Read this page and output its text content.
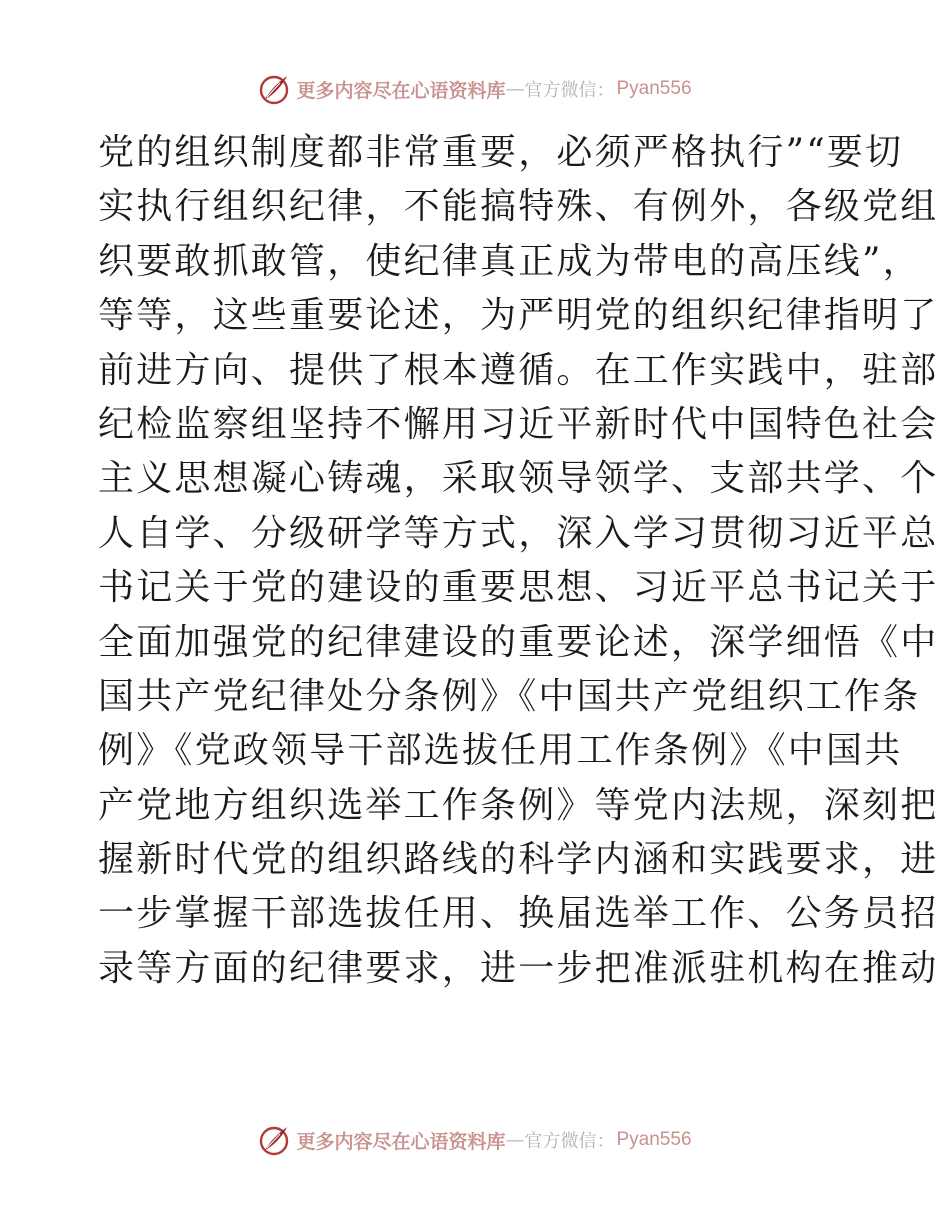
更多内容尽在心语资料库 — 官方微信： Pyan556
党的组织制度都非常重要，必须严格执行”“要切
实执行组织纪律，不能搞特殊、有例外，各级党组
织要敢抓敢管，使纪律真正成为带电的高压线”，
等等，这些重要论述，为严明党的组织纪律指明了
前进方向、提供了根本遵循。在工作实践中，驻部
纪检监察组坚持不懈用习近平新时代中国特色社会
主义思想凝心铸魂，采取领导领学、支部共学、个
人自学、分级研学等方式，深入学习贯彻习近平总
书记关于党的建设的重要思想、习近平总书记关于
全面加强党的纪律建设的重要论述，深学细悟《中
国共产党纪律处分条例》《中国共产党组织工作条
例》《党政领导干部选拔任用工作条例》《中国共
产党地方组织选举工作条例》等党内法规，深刻把
握新时代党的组织路线的科学内涵和实践要求，进
一步掌握干部选拔任用、换届选举工作、公务员招
录等方面的纪律要求，进一步把准派驻机构在推动
更多内容尽在心语资料库 — 官方微信： Pyan556
